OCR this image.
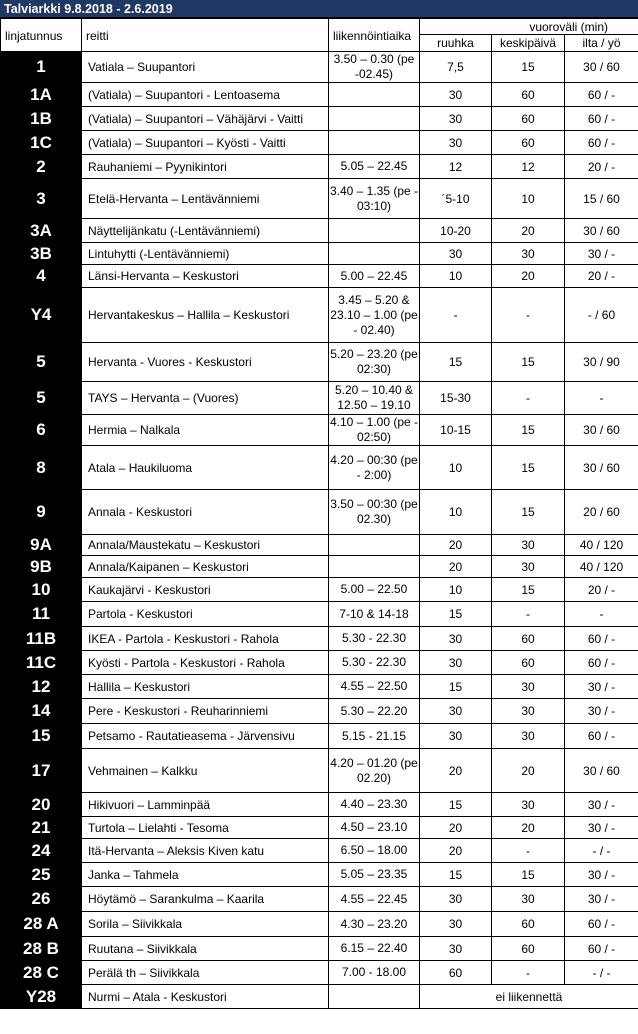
Talviarkki 9.8.2018 - 2.6.2019
linjatunnus	reitti	liikennöintiaika	vuoroväli (min)		
			ruuhka	keskipäivä	ilta / yö
1	Vatiala – Suupantori	3.50 – 0.30 (pe -02.45)	7,5	15	30 / 60
1A	(Vatiala) – Suupantori - Lentoasema		30	60	60 / -
1B	(Vatiala) – Suupantori – Vähäjärvi - Vaitti		30	60	60 / -
1C	(Vatiala) – Suupantori – Kyösti - Vaitti		30	60	60 / -
2	Rauhaniemi – Pyynikintori	5.05 – 22.45	12	12	20 / -
3	Etelä-Hervanta – Lentävänniemi	3.40 – 1.35 (pe - 03:10)	´5-10	10	15 / 60
3A	Näyttelijänkatu (-Lentävänniemi)		10-20	20	30 / 60
3B	Lintuhytti (-Lentävänniemi)		30	30	30 / -
4	Länsi-Hervanta – Keskustori	5.00 – 22.45	10	20	20 / -
Y4	Hervantakeskus – Hallila – Keskustori	3.45 – 5.20 & 23.10 – 1.00 (pe - 02.40)	-	-	- / 60
5	Hervanta - Vuores - Keskustori	5.20 – 23.20 (pe 02:30)	15	15	30 / 90
5	TAYS – Hervanta – (Vuores)	5.20 – 10.40 & 12.50 – 19.10	15-30	-	-
6	Hermia – Nalkala	4.10 – 1.00 (pe - 02:50)	10-15	15	30 / 60
8	Atala – Haukiluoma	4.20 – 00:30 (pe - 2:00)	10	15	30 / 60
9	Annala - Keskustori	3.50 – 00:30 (pe 02.30)	10	15	20 / 60
9A	Annala/Maustekatu – Keskustori		20	30	40 / 120
9B	Annala/Kaipanen – Keskustori		20	30	40 / 120
10	Kaukajärvi - Keskustori	5.00 – 22.50	10	15	20 / -
11	Partola - Keskustori	7-10 & 14-18	15	-	-
11B	IKEA - Partola - Keskustori - Rahola	5.30 - 22.30	30	60	60 / -
11C	Kyösti - Partola - Keskustori - Rahola	5.30 - 22.30	30	60	60 / -
12	Hallila – Keskustori	4.55 – 22.50	15	30	30 / -
14	Pere - Keskustori - Reuharinniemi	5.30 – 22.20	30	30	30 / -
15	Petsamo - Rautatieasema - Järvensivu	5.15 - 21.15	30	30	60 / -
17	Vehmainen – Kalkku	4.20 – 01.20 (pe 02.20)	20	20	30 / 60
20	Hikivuori – Lamminpää	4.40 – 23.30	15	30	30 / -
21	Turtola – Lielahti - Tesoma	4.50 – 23.10	20	20	30 / -
24	Itä-Hervanta – Aleksis Kiven katu	6.50 – 18.00	20	-	- / -
25	Janka – Tahmela	5.05 – 23.35	15	15	30 / -
26	Höytämö – Sarankulma – Kaarila	4.55 – 22.45	30	30	30 / -
28 A	Sorila – Siivikkala	4.30 – 23.20	30	60	60 / -
28 B	Ruutana – Siivikkala	6.15 – 22.40	30	60	60 / -
28 C	Perälä th – Siivikkala	7.00 - 18.00	60	-	- / -
Y28	Nurmi – Atala - Keskustori		ei liikennettä		
